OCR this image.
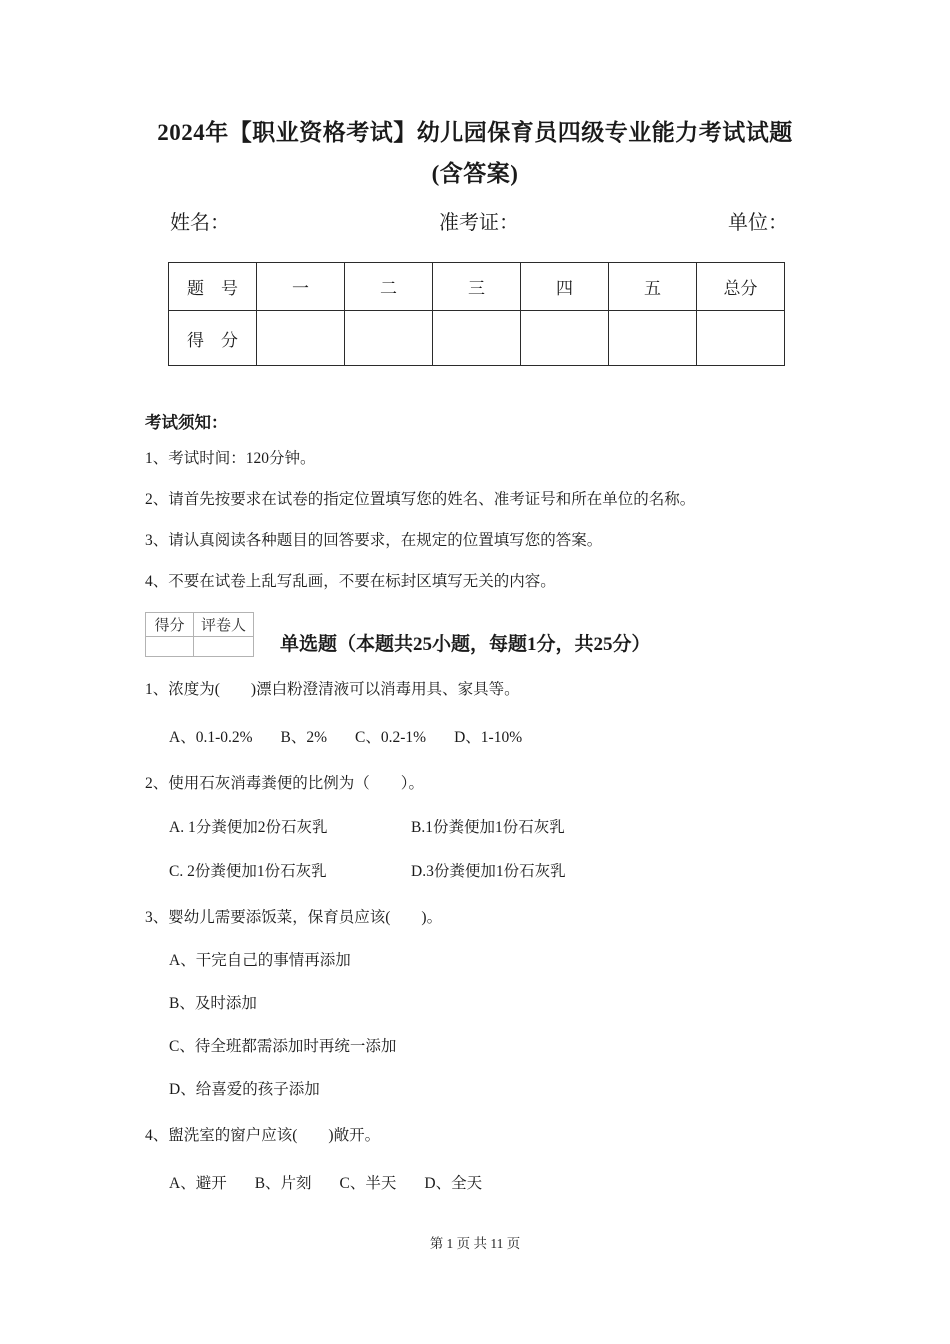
2024年【职业资格考试】幼儿园保育员四级专业能力考试试题(含答案)
姓名：	准考证：	单位：
题　号	一	二	三	四	五	总分
得　分						
考试须知：
1、考试时间：120分钟。
2、请首先按要求在试卷的指定位置填写您的姓名、准考证号和所在单位的名称。
3、请认真阅读各种题目的回答要求，在规定的位置填写您的答案。
4、不要在试卷上乱写乱画，不要在标封区填写无关的内容。
得分	评卷人

单选题（本题共25小题，每题1分，共25分）
1、浓度为(　　)漂白粉澄清液可以消毒用具、家具等。
A、0.1-0.2% B、2% C、0.2-1% D、1-10%
2、使用石灰消毒粪便的比例为（　　）。
A. 1分粪便加2份石灰乳	B.1份粪便加1份石灰乳
C. 2份粪便加1份石灰乳	D.3份粪便加1份石灰乳
3、婴幼儿需要添饭菜，保育员应该(　　)。
A、干完自己的事情再添加
B、及时添加
C、待全班都需添加时再统一添加
D、给喜爱的孩子添加
4、盥洗室的窗户应该(　　)敞开。
A、避开 B、片刻 C、半天 D、全天
第 1 页 共 11 页
